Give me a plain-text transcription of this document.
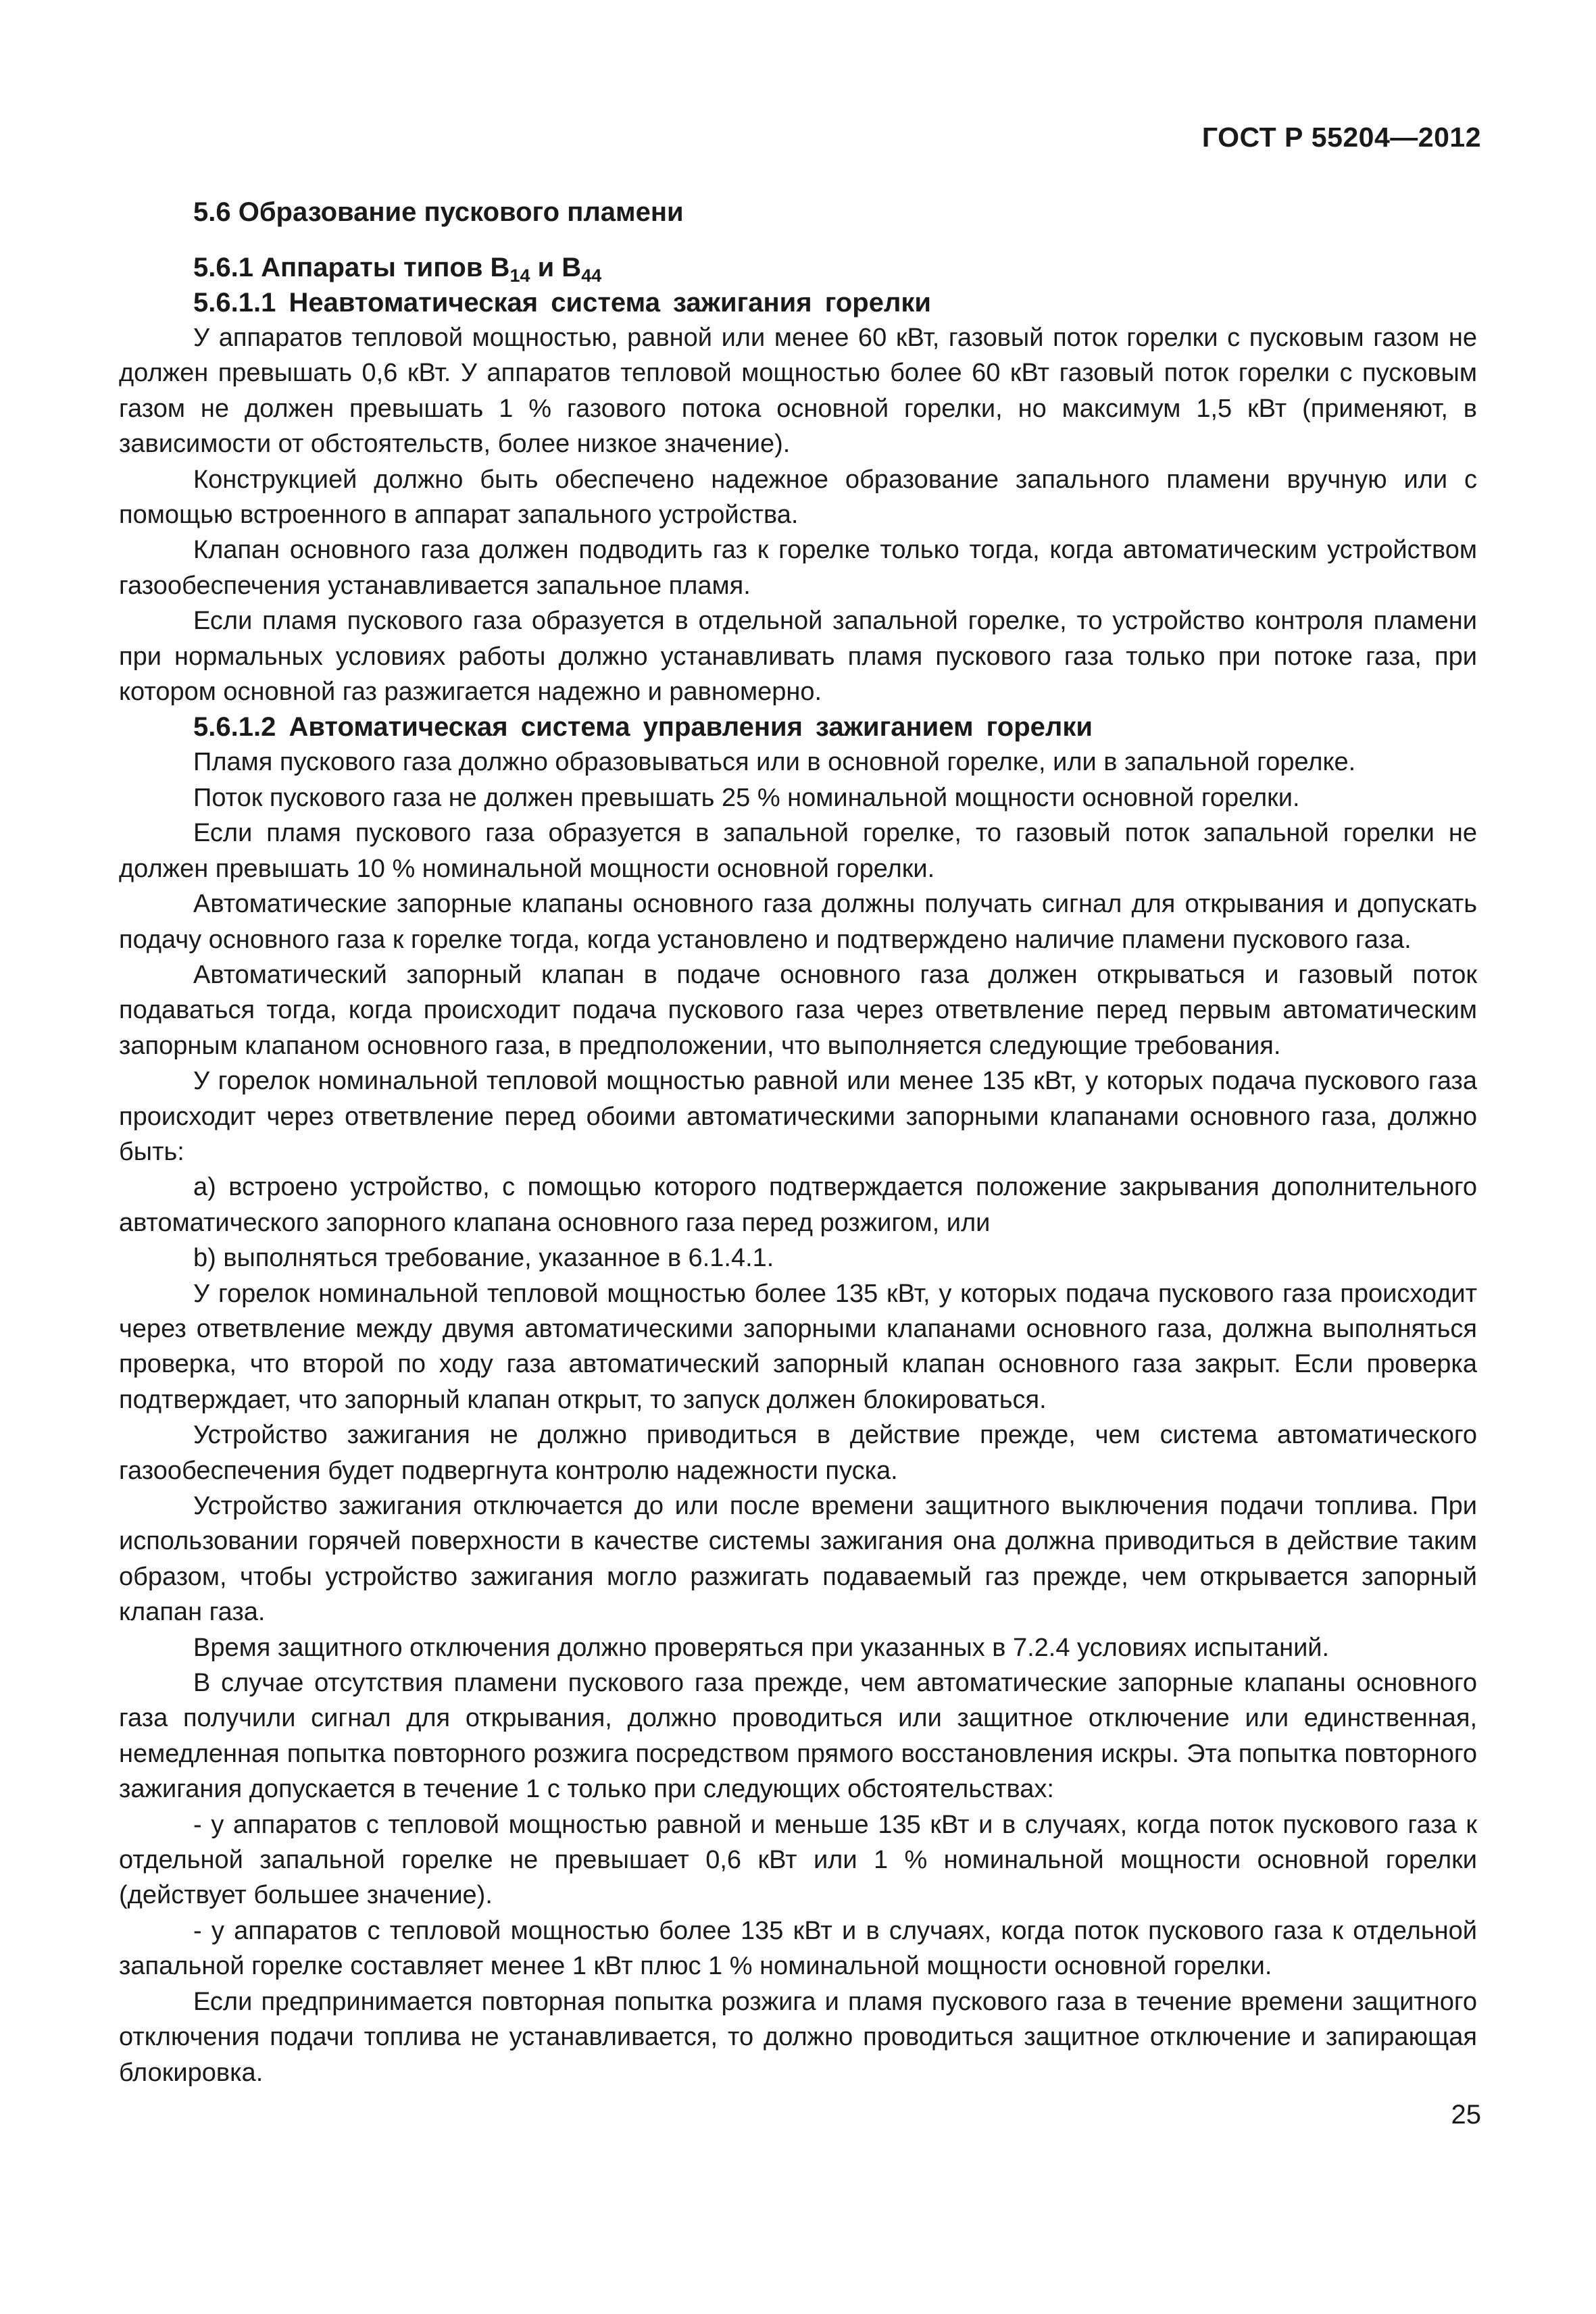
ГОСТ Р 55204—2012

5.6 Образование пускового пламени

5.6.1 Аппараты типов $B_{14}$ и $B_{44}$

5.6.1.1 Неавтоматическая система зажигания горелки

У аппаратов тепловой мощностью, равной или менее 60 кВт, газовый поток горелки с пусковым газом не должен превышать 0,6 кВт. У аппаратов тепловой мощностью более 60 кВт газовый поток горелки с пусковым газом не должен превышать 1 % газового потока основной горелки, но максимум 1,5 кВт (применяют, в зависимости от обстоятельств, более низкое значение).

Конструкцией должно быть обеспечено надежное образование запального пламени вручную или с помощью встроенного в аппарат запального устройства.

Клапан основного газа должен подводить газ к горелке только тогда, когда автоматическим устройством газообеспечения устанавливается запальное пламя.

Если пламя пускового газа образуется в отдельной запальной горелке, то устройство контроля пламени при нормальных условиях работы должно устанавливать пламя пускового газа только при потоке газа, при котором основной газ разжигается надежно и равномерно.

5.6.1.2 Автоматическая система управления зажиганием горелки

Пламя пускового газа должно образовываться или в основной горелке, или в запальной горелке.

Поток пускового газа не должен превышать 25 % номинальной мощности основной горелки.

Если пламя пускового газа образуется в запальной горелке, то газовый поток запальной горелки не должен превышать 10 % номинальной мощности основной горелки.

Автоматические запорные клапаны основного газа должны получать сигнал для открывания и допускать подачу основного газа к горелке тогда, когда установлено и подтверждено наличие пламени пускового газа.

Автоматический запорный клапан в подаче основного газа должен открываться и газовый поток подаваться тогда, когда происходит подача пускового газа через ответвление перед первым автоматическим запорным клапаном основного газа, в предположении, что выполняется следующие требования.

У горелок номинальной тепловой мощностью равной или менее 135 кВт, у которых подача пускового газа происходит через ответвление перед обоими автоматическими запорными клапанами основного газа, должно быть:

a) встроено устройство, с помощью которого подтверждается положение закрывания дополнительного автоматического запорного клапана основного газа перед розжигом, или

b) выполняться требование, указанное в 6.1.4.1.

У горелок номинальной тепловой мощностью более 135 кВт, у которых подача пускового газа происходит через ответвление между двумя автоматическими запорными клапанами основного газа, должна выполняться проверка, что второй по ходу газа автоматический запорный клапан основного газа закрыт. Если проверка подтверждает, что запорный клапан открыт, то запуск должен блокироваться.

Устройство зажигания не должно приводиться в действие прежде, чем система автоматического газообеспечения будет подвергнута контролю надежности пуска.

Устройство зажигания отключается до или после времени защитного выключения подачи топлива. При использовании горячей поверхности в качестве системы зажигания она должна приводиться в действие таким образом, чтобы устройство зажигания могло разжигать подаваемый газ прежде, чем открывается запорный клапан газа.

Время защитного отключения должно проверяться при указанных в 7.2.4 условиях испытаний.

В случае отсутствия пламени пускового газа прежде, чем автоматические запорные клапаны основного газа получили сигнал для открывания, должно проводиться или защитное отключение или единственная, немедленная попытка повторного розжига посредством прямого восстановления искры. Эта попытка повторного зажигания допускается в течение 1 с только при следующих обстоятельствах:

- у аппаратов с тепловой мощностью равной и меньше 135 кВт и в случаях, когда поток пускового газа к отдельной запальной горелке не превышает 0,6 кВт или 1 % номинальной мощности основной горелки (действует большее значение).

- у аппаратов с тепловой мощностью более 135 кВт и в случаях, когда поток пускового газа к отдельной запальной горелке составляет менее 1 кВт плюс 1 % номинальной мощности основной горелки.

Если предпринимается повторная попытка розжига и пламя пускового газа в течение времени защитного отключения подачи топлива не устанавливается, то должно проводиться защитное отключение и запирающая блокировка.

25
